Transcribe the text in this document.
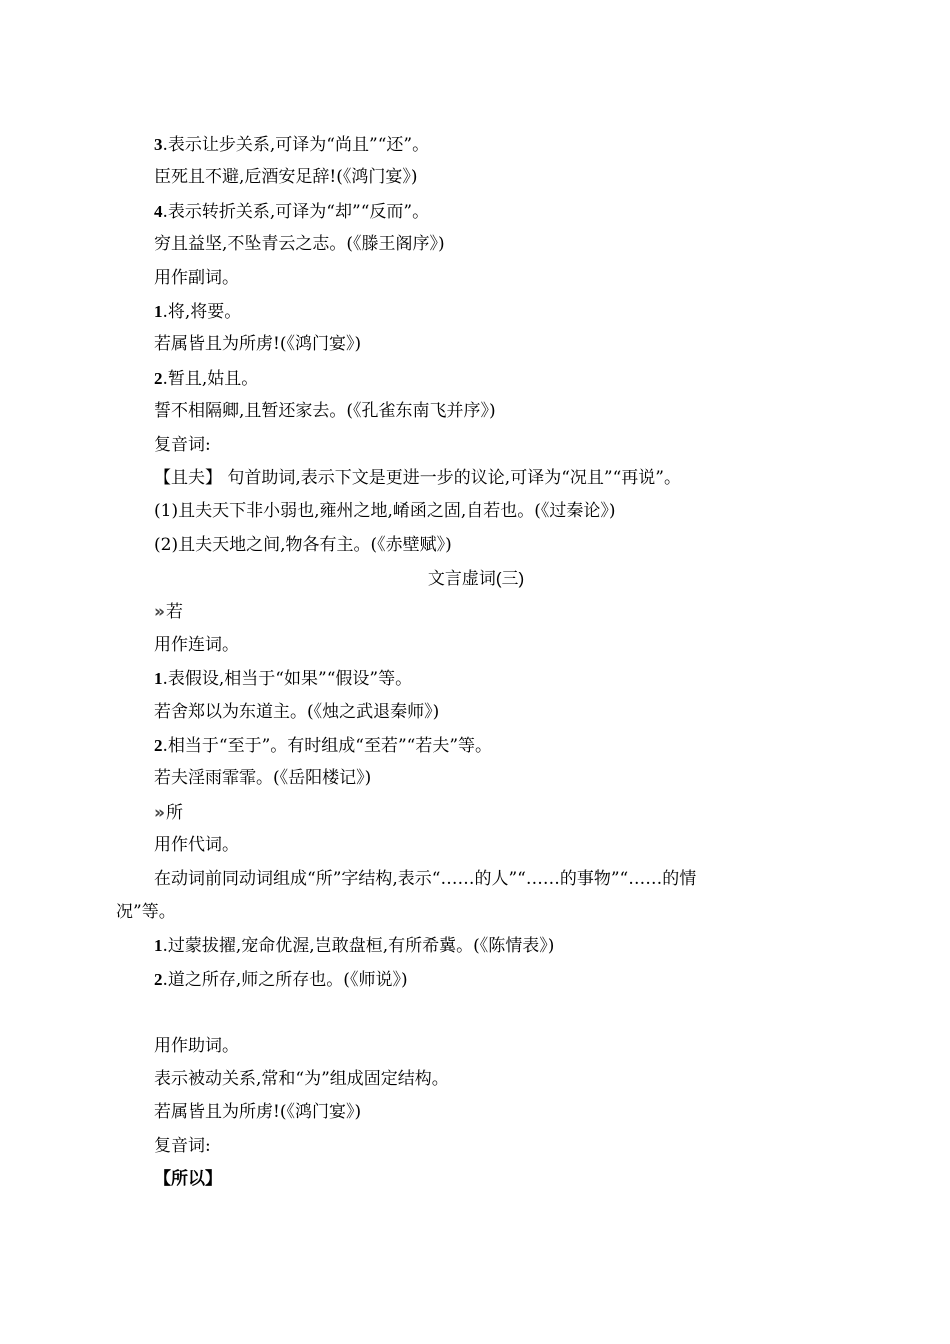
3.表示让步关系,可译为“尚且”“还”。
臣死且不避,卮酒安足辞!(《鸿门宴》)
4.表示转折关系,可译为“却”“反而”。
穷且益坚,不坠青云之志。(《滕王阁序》)
用作副词。
1.将,将要。
若属皆且为所虏!(《鸿门宴》)
2.暂且,姑且。
誓不相隔卿,且暂还家去。(《孔雀东南飞并序》)
复音词:
【且夫】 句首助词,表示下文是更进一步的议论,可译为“况且”“再说”。
(1)且夫天下非小弱也,雍州之地,崤函之固,自若也。(《过秦论》)
(2)且夫天地之间,物各有主。(《赤壁赋》)
文言虚词(三)
» 若
用作连词。
1.表假设,相当于“如果”“假设”等。
若舍郑以为东道主。(《烛之武退秦师》)
2.相当于“至于”。有时组成“至若”“若夫”等。
若夫淫雨霏霏。(《岳阳楼记》)
» 所
用作代词。
在动词前同动词组成“所”字结构,表示“……的人”“……的事物”“……的情
况”等。
1.过蒙拔擢,宠命优渥,岂敢盘桓,有所希冀。(《陈情表》)
2.道之所存,师之所存也。(《师说》)
用作助词。
表示被动关系,常和“为”组成固定结构。
若属皆且为所虏!(《鸿门宴》)
复音词:
【所以】
